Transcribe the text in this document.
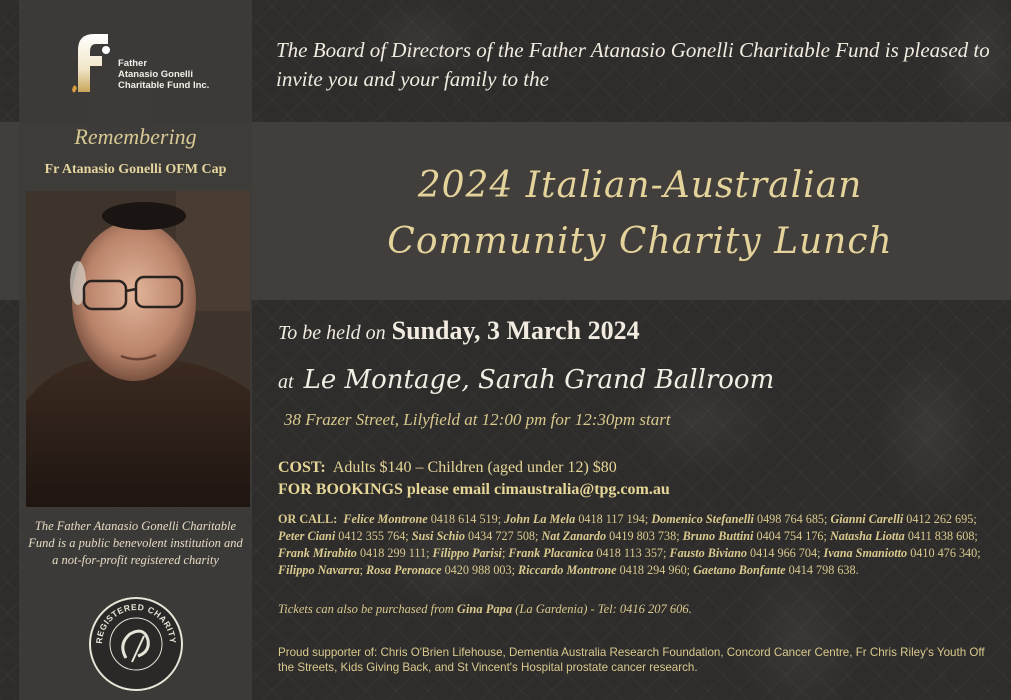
Father
Atanasio Gonelli
Charitable Fund Inc.
Remembering
Fr Atanasio Gonelli OFM Cap
The Father Atanasio Gonelli Charitable Fund is a public benevolent institution and a not-for-profit registered charity
REGISTERED CHARITY
The Board of Directors of the Father Atanasio Gonelli Charitable Fund is pleased to invite you and your family to the
2024 Italian-Australian
Community Charity Lunch
To be held on Sunday, 3 March 2024
at Le Montage, Sarah Grand Ballroom
38 Frazer Street, Lilyfield at 12:00 pm for 12:30pm start
COST: Adults $140 – Children (aged under 12) $80
FOR BOOKINGS please email cimaustralia@tpg.com.au
OR CALL: Felice Montrone 0418 614 519; John La Mela 0418 117 194; Domenico Stefanelli 0498 764 685; Gianni Carelli 0412 262 695; Peter Ciani 0412 355 764; Susi Schio 0434 727 508; Nat Zanardo 0419 803 738; Bruno Buttini 0404 754 176; Natasha Liotta 0411 838 608; Frank Mirabito 0418 299 111; Filippo Parisi; Frank Placanica 0418 113 357; Fausto Biviano 0414 966 704; Ivana Smaniotto 0410 476 340; Filippo Navarra; Rosa Peronace 0420 988 003; Riccardo Montrone 0418 294 960; Gaetano Bonfante 0414 798 638.
Tickets can also be purchased from Gina Papa (La Gardenia) - Tel: 0416 207 606.
Proud supporter of: Chris O'Brien Lifehouse, Dementia Australia Research Foundation, Concord Cancer Centre, Fr Chris Riley's Youth Off the Streets, Kids Giving Back, and St Vincent's Hospital prostate cancer research.
